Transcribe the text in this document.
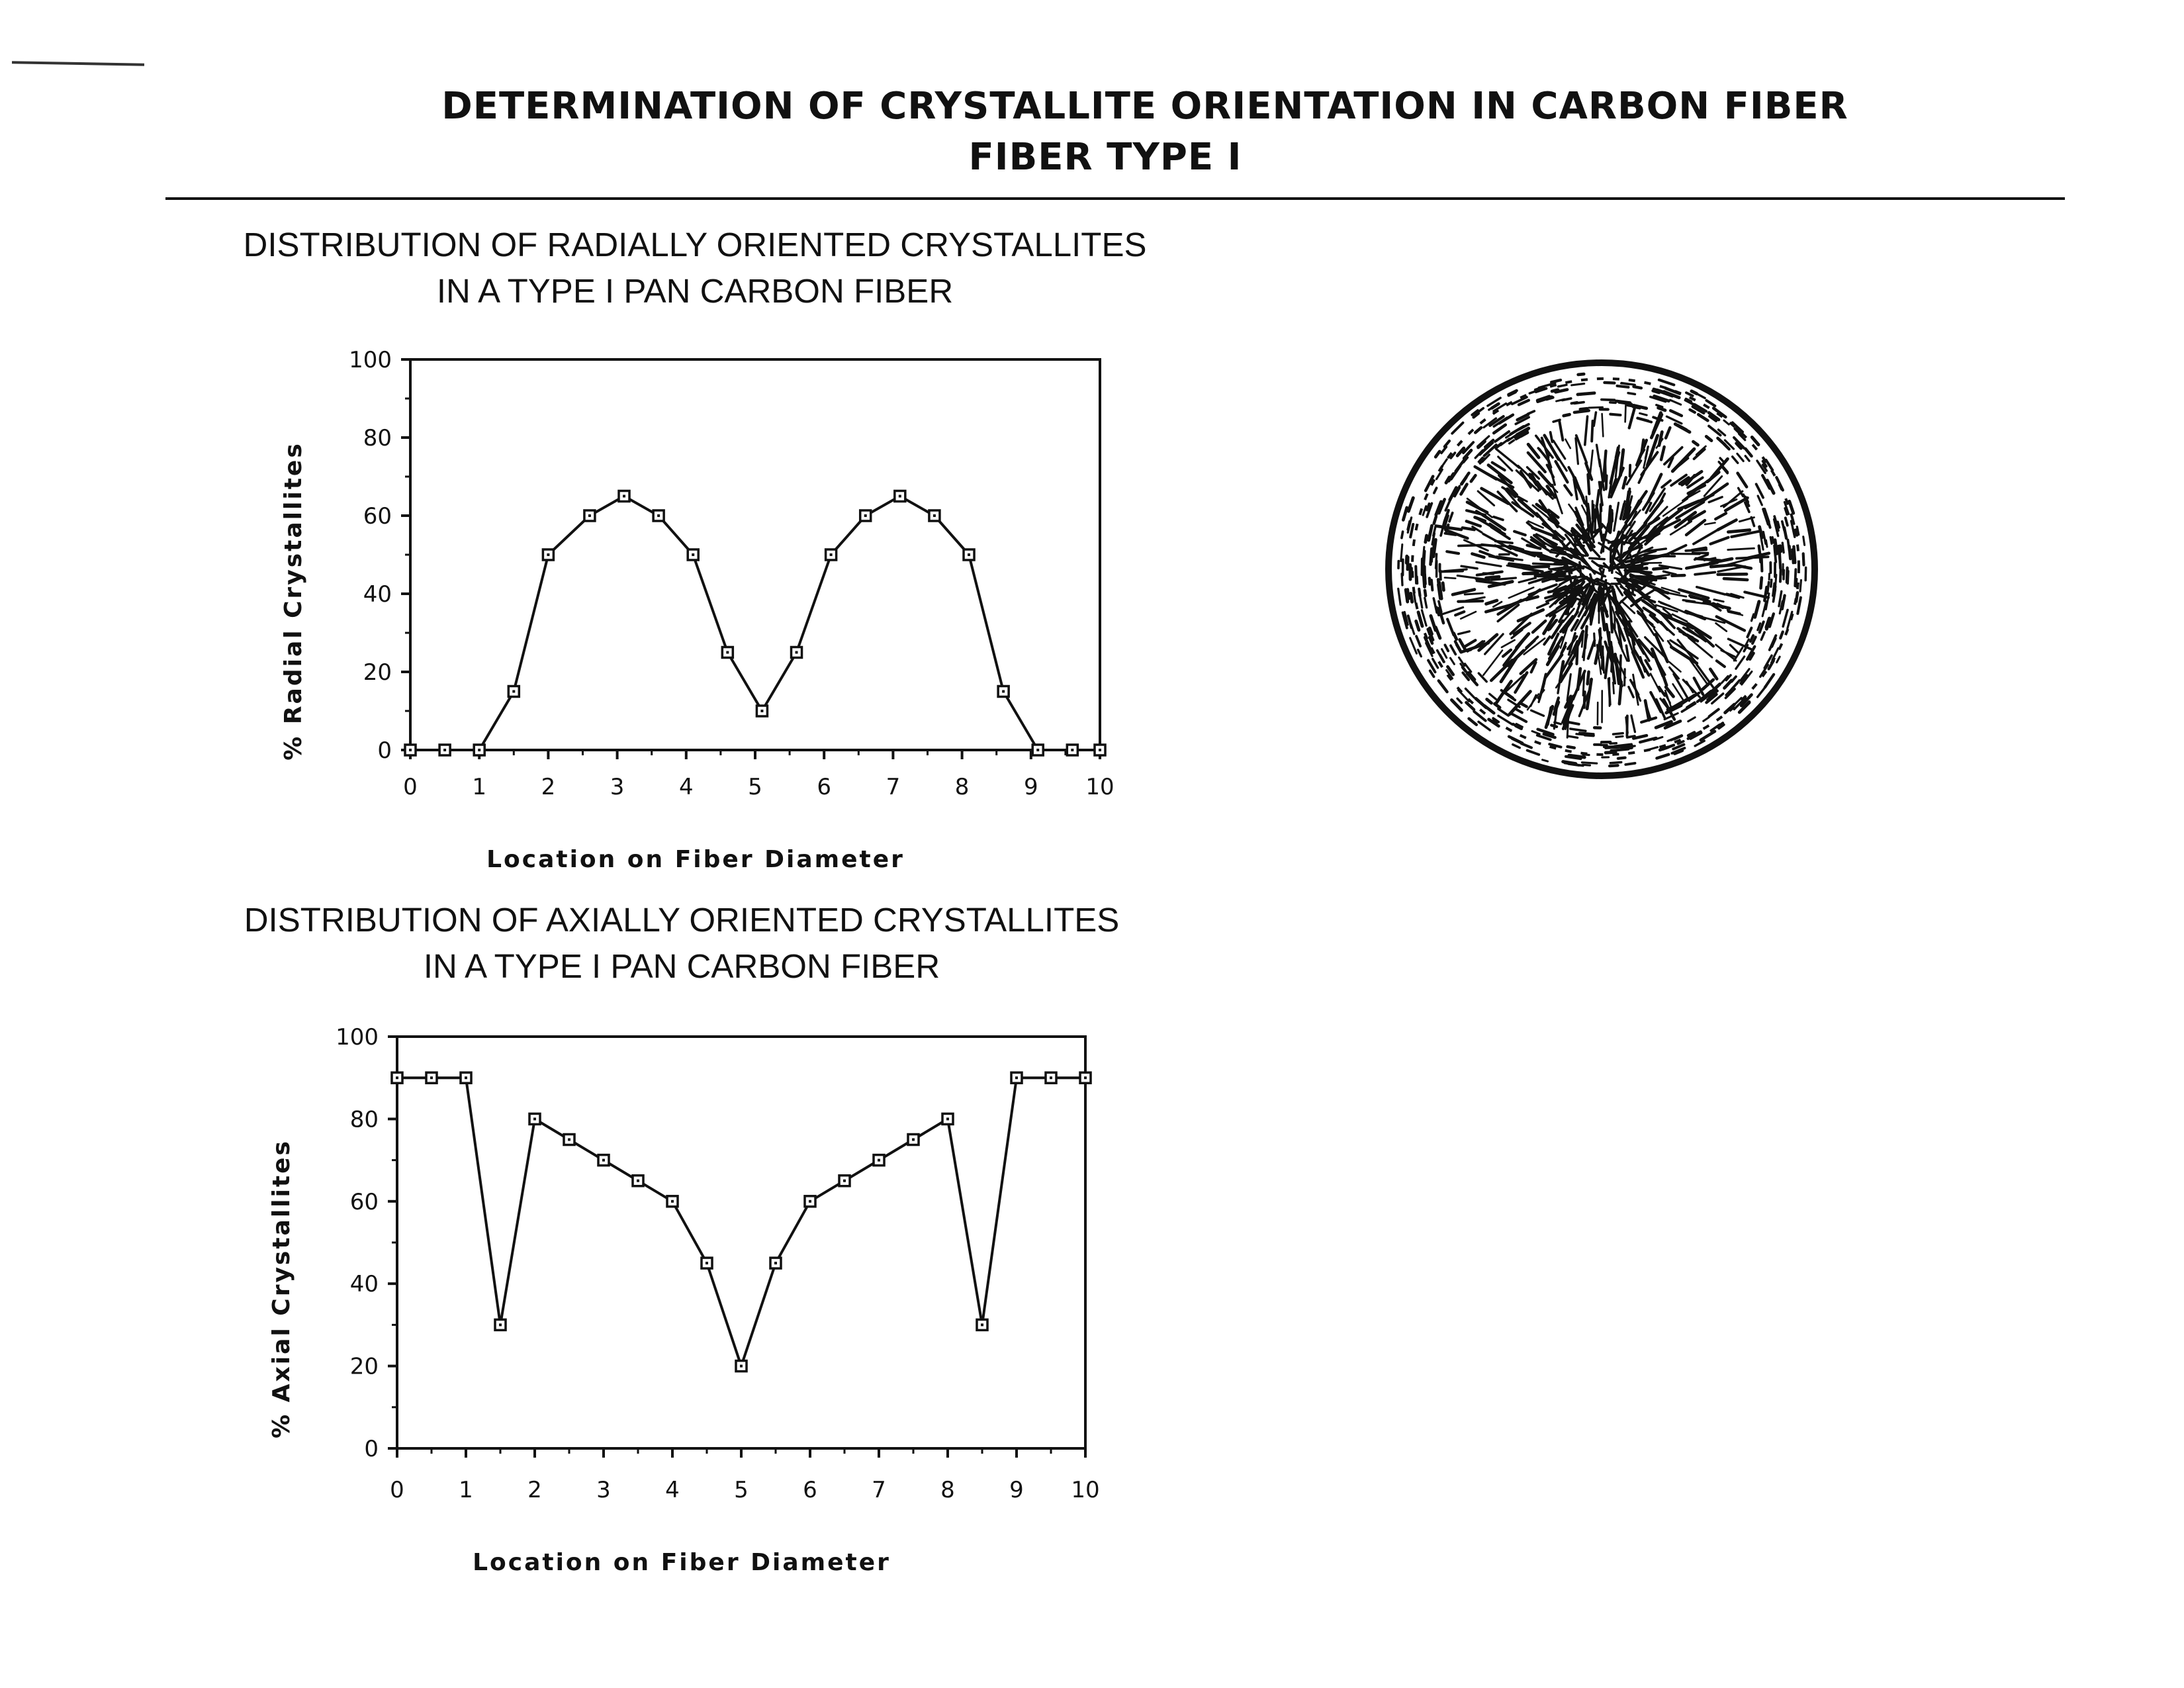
DETERMINATION OF CRYSTALLITE ORIENTATION IN CARBON FIBER
FIBER TYPE I
DISTRIBUTION OF RADIALLY ORIENTED CRYSTALLITES
IN A TYPE I PAN CARBON FIBER
DISTRIBUTION OF AXIALLY ORIENTED CRYSTALLITES
IN A TYPE I PAN CARBON FIBER
0
20
40
60
80
100
0 1 2 3 4 5 6 7 8 9 10
Location on Fiber Diameter
% Radial Crystallites
0
20
40
60
80
100
0 1 2 3 4 5 6 7 8 9 10
Location on Fiber Diameter
% Axial Crystallites
